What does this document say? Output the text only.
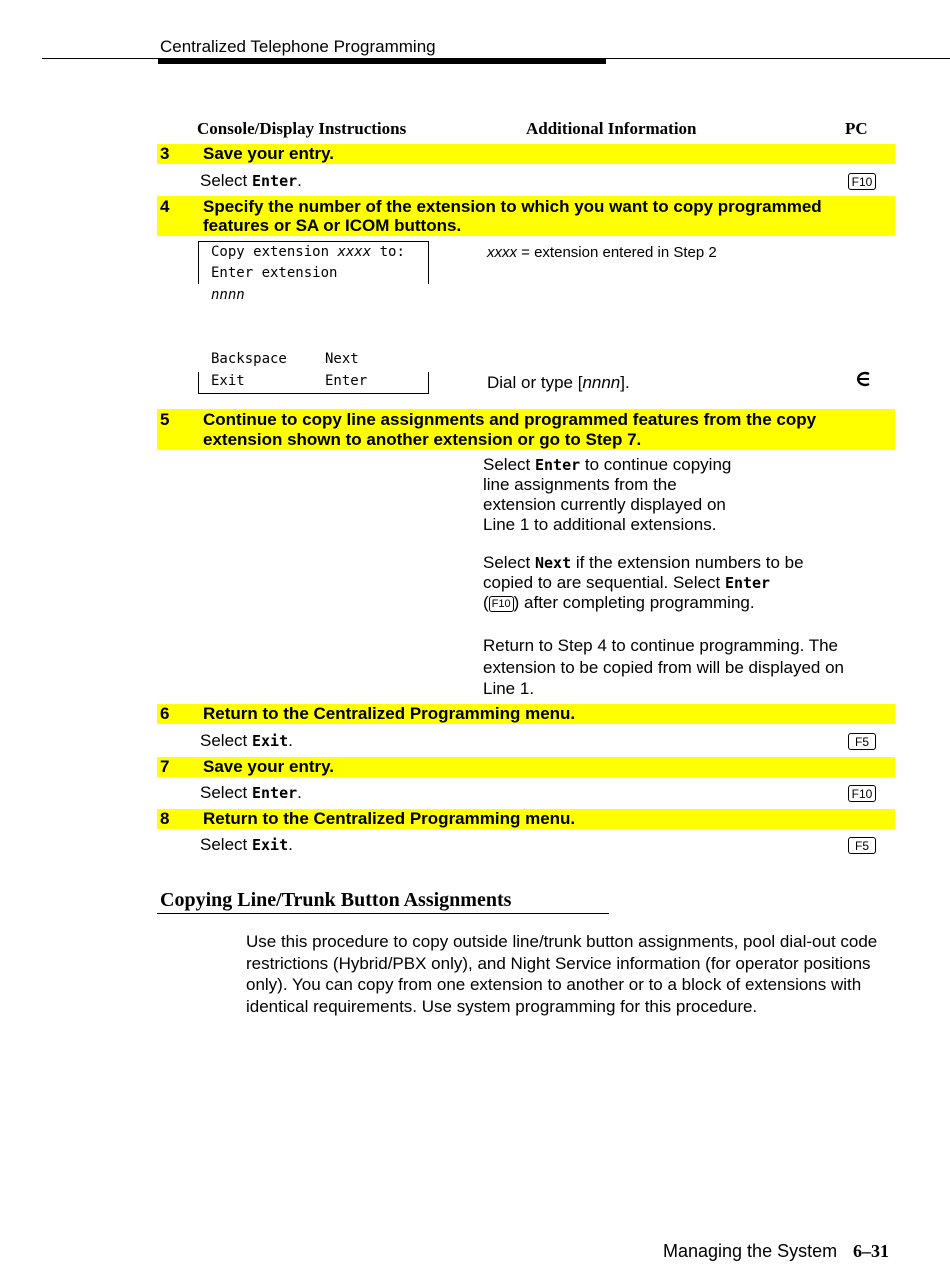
Centralized Telephone Programming
Console/Display Instructions	Additional Information	PC
3 Save your entry.
Select Enter.	F10
4 Specify the number of the extension to which you want to copy programmed
features or SA or ICOM buttons.
Copy extension xxxx to:
Enter extension
nnnn
Backspace	Next
Exit	Enter
xxxx = extension entered in Step 2
Dial or type [nnnn].
5 Continue to copy line assignments and programmed features from the copy
extension shown to another extension or go to Step 7.
Select Enter to continue copying
line assignments from the
extension currently displayed on
Line 1 to additional extensions.
Select Next if the extension numbers to be
copied to are sequential. Select Enter
( F10 ) after completing programming.
Return to Step 4 to continue programming. The
extension to be copied from will be displayed on
Line 1.
6 Return to the Centralized Programming menu.
Select Exit.	F5
7 Save your entry.
Select Enter.	F10
8 Return to the Centralized Programming menu.
Select Exit.	F5
Copying Line/Trunk Button Assignments
Use this procedure to copy outside line/trunk button assignments, pool dial-out code restrictions (Hybrid/PBX only), and Night Service information (for operator positions only). You can copy from one extension to another or to a block of extensions with identical requirements. Use system programming for this procedure.
Managing the System 6–31
